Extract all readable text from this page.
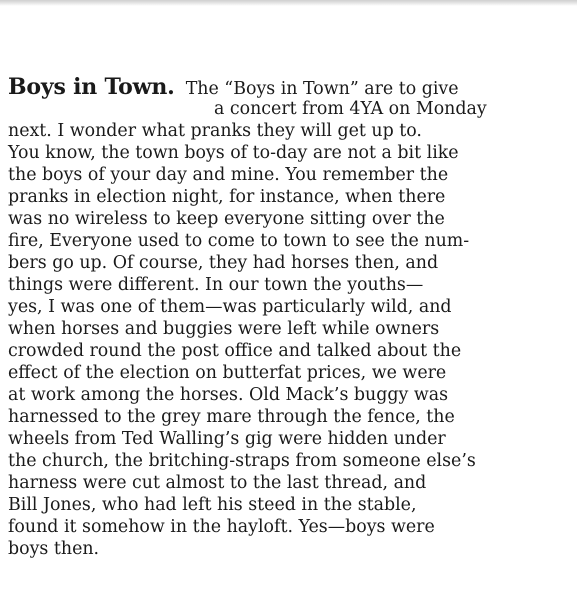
Boys in Town. The “Boys in Town” are to give
a concert from 4YA on Monday
next. I wonder what pranks they will get up to.
You know, the town boys of to-day are not a bit like
the boys of your day and mine. You remember the
pranks in election night, for instance, when there
was no wireless to keep everyone sitting over the
fire, Everyone used to come to town to see the num-
bers go up. Of course, they had horses then, and
things were different. In our town the youths—
yes, I was one of them—was particularly wild, and
when horses and buggies were left while owners
crowded round the post office and talked about the
effect of the election on butterfat prices, we were
at work among the horses. Old Mack’s buggy was
harnessed to the grey mare through the fence, the
wheels from Ted Walling’s gig were hidden under
the church, the britching-straps from someone else’s
harness were cut almost to the last thread, and
Bill Jones, who had left his steed in the stable,
found it somehow in the hayloft. Yes—boys were
boys then.
